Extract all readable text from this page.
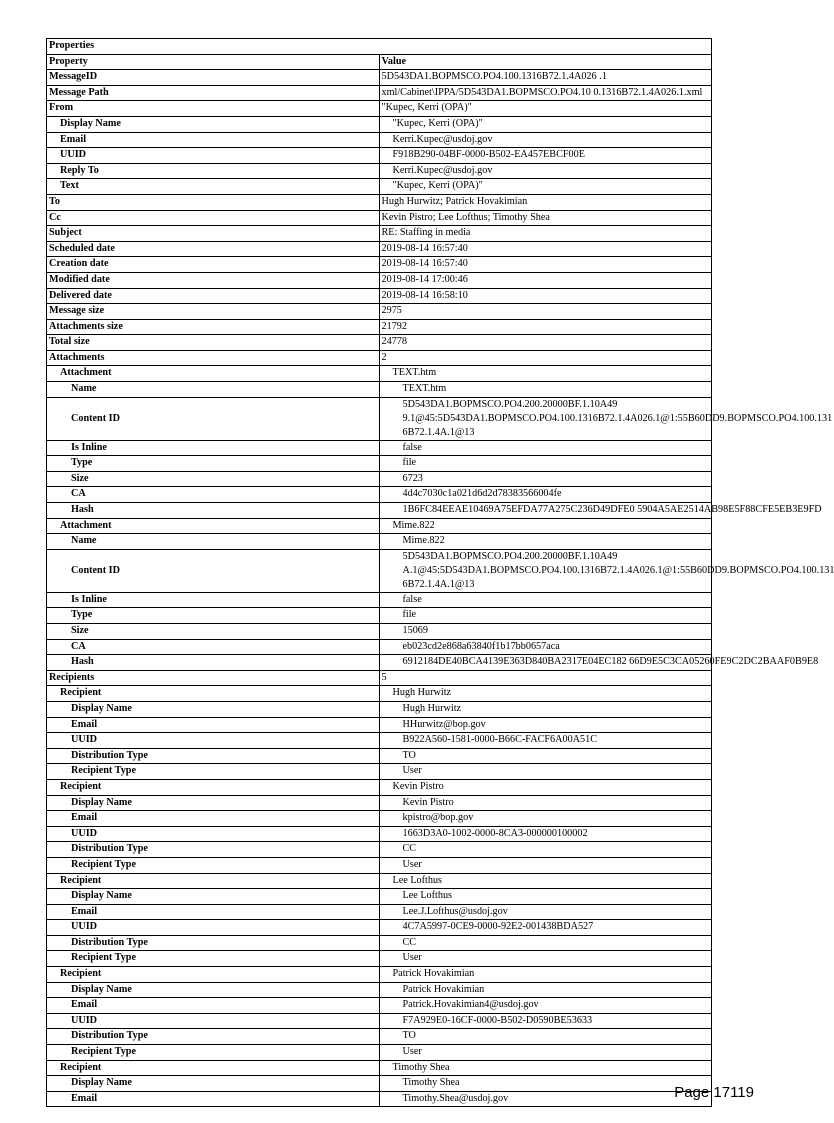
Properties	
Property	Value
MessageID	5D543DA1.BOPMSCO.PO4.100.1316B72.1.4A026 .1
Message Path	xml/Cabinet\IPPA/5D543DA1.BOPMSCO.PO4.10 0.1316B72.1.4A026.1.xml
From	"Kupec, Kerri (OPA)"
Display Name	"Kupec, Kerri (OPA)"
Email	Kerri.Kupec@usdoj.gov
UUID	F918B290-04BF-0000-B502-EA457EBCF00E
Reply To	Kerri.Kupec@usdoj.gov
Text	"Kupec, Kerri (OPA)"
To	Hugh Hurwitz; Patrick Hovakimian
Cc	Kevin Pistro; Lee Lofthus; Timothy Shea
Subject	RE: Staffing in media
Scheduled date	2019-08-14 16:57:40
Creation date	2019-08-14 16:57:40
Modified date	2019-08-14 17:00:46
Delivered date	2019-08-14 16:58:10
Message size	2975
Attachments size	21792
Total size	24778
Attachments	2
Attachment	TEXT.htm
Name	TEXT.htm
Content ID	5D543DA1.BOPMSCO.PO4.200.20000BF.1.10A49 9.1@45:5D543DA1.BOPMSCO.PO4.100.1316B72.1.4A026.1@1:55B60DD9.BOPMSCO.PO4.100.131 6B72.1.4A.1@13
Is Inline	false
Type	file
Size	6723
CA	4d4c7030c1a021d6d2d78383566004fe
Hash	1B6FC84EEAE10469A75EFDA77A275C236D49DFE0 5904A5AE2514AB98E5F88CFE5EB3E9FD
Attachment	Mime.822
Name	Mime.822
Content ID	5D543DA1.BOPMSCO.PO4.200.20000BF.1.10A49 A.1@45:5D543DA1.BOPMSCO.PO4.100.1316B72.1.4A026.1@1:55B60DD9.BOPMSCO.PO4.100.131 6B72.1.4A.1@13
Is Inline	false
Type	file
Size	15069
CA	eb023cd2e868a63840f1b17bb0657aca
Hash	6912184DE40BCA4139E363D840BA2317E04EC182 66D9E5C3CA05260FE9C2DC2BAAF0B9E8
Recipients	5
Recipient	Hugh Hurwitz
Display Name	Hugh Hurwitz
Email	HHurwitz@bop.gov
UUID	B922A560-1581-0000-B66C-FACF6A00A51C
Distribution Type	TO
Recipient Type	User
Recipient	Kevin Pistro
Display Name	Kevin Pistro
Email	kpistro@bop.gov
UUID	1663D3A0-1002-0000-8CA3-000000100002
Distribution Type	CC
Recipient Type	User
Recipient	Lee Lofthus
Display Name	Lee Lofthus
Email	Lee.J.Lofthus@usdoj.gov
UUID	4C7A5997-0CE9-0000-92E2-001438BDA527
Distribution Type	CC
Recipient Type	User
Recipient	Patrick Hovakimian
Display Name	Patrick Hovakimian
Email	Patrick.Hovakimian4@usdoj.gov
UUID	F7A929E0-16CF-0000-B502-D0590BE53633
Distribution Type	TO
Recipient Type	User
Recipient	Timothy Shea
Display Name	Timothy Shea
Email	Timothy.Shea@usdoj.gov	Page 17119
